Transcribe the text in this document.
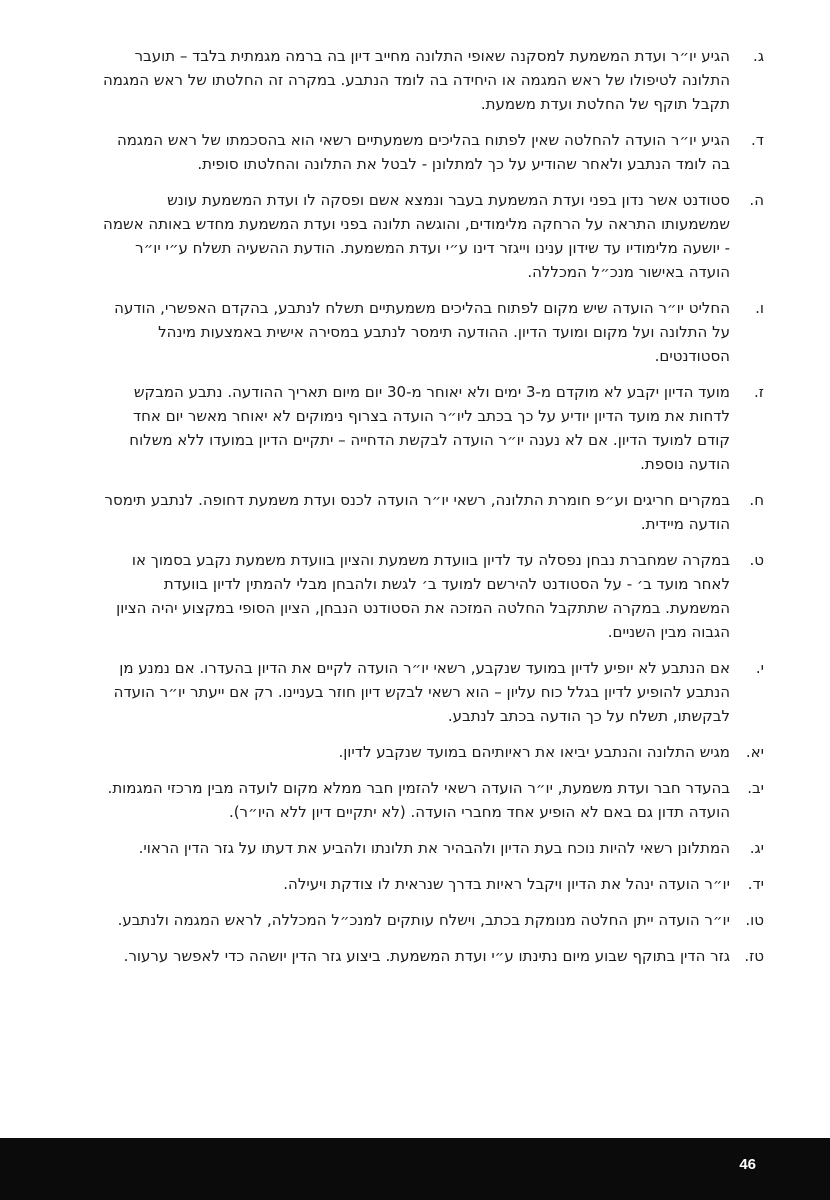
ג.
הגיע יו״ר ועדת המשמעת למסקנה שאופי התלונה מחייב דיון בה ברמה מגמתית בלבד – תועבר התלונה לטיפולו של ראש המגמה או היחידה בה לומד הנתבע. במקרה זה החלטתו של ראש המגמה תקבל תוקף של החלטת ועדת משמעת.
ד.
הגיע יו״ר הועדה להחלטה שאין לפתוח בהליכים משמעתיים רשאי הוא בהסכמתו של ראש המגמה בה לומד הנתבע ולאחר שהודיע על כך למתלונן - לבטל את התלונה והחלטתו סופית.
ה.
סטודנט אשר נדון בפני ועדת המשמעת בעבר ונמצא אשם ופסקה לו ועדת המשמעת עונש שמשמעותו התראה על הרחקה מלימודים, והוגשה תלונה בפני ועדת המשמעת מחדש באותה אשמה - יושעה מלימודיו עד שידון ענינו וייגזר דינו ע״י ועדת המשמעת. הודעת ההשעיה תשלח ע״י יו״ר הועדה באישור מנכ״ל המכללה.
ו.
החליט יו״ר הועדה שיש מקום לפתוח בהליכים משמעתיים תשלח לנתבע, בהקדם האפשרי, הודעה על התלונה ועל מקום ומועד הדיון. ההודעה תימסר לנתבע במסירה אישית באמצעות מינהל הסטודנטים.
ז.
מועד הדיון יקבע לא מוקדם מ-3 ימים ולא יאוחר מ-30 יום מיום תאריך ההודעה. נתבע המבקש לדחות את מועד הדיון יודיע על כך בכתב ליו״ר הועדה בצרוף נימוקים לא יאוחר מאשר יום אחד קודם למועד הדיון. אם לא נענה יו״ר הועדה לבקשת הדחייה – יתקיים הדיון במועדו ללא משלוח הודעה נוספת.
ח.
במקרים חריגים וע״פ חומרת התלונה, רשאי יו״ר הועדה לכנס ועדת משמעת דחופה. לנתבע תימסר הודעה מיידית.
ט.
במקרה שמחברת נבחן נפסלה עד לדיון בוועדת משמעת והציון בוועדת משמעת נקבע בסמוך או לאחר מועד ב׳ - על הסטודנט להירשם למועד ב׳ לגשת ולהבחן מבלי להמתין לדיון בוועדת המשמעת. במקרה שתתקבל החלטה המזכה את הסטודנט הנבחן, הציון הסופי במקצוע יהיה הציון הגבוה מבין השניים.
י.
אם הנתבע לא יופיע לדיון במועד שנקבע, רשאי יו״ר הועדה לקיים את הדיון בהעדרו. אם נמנע מן הנתבע להופיע לדיון בגלל כוח עליון – הוא רשאי לבקש דיון חוזר בעניינו. רק אם ייעתר יו״ר הועדה לבקשתו, תשלח על כך הודעה בכתב לנתבע.
יא.
מגיש התלונה והנתבע יביאו את ראיותיהם במועד שנקבע לדיון.
יב.
בהעדר חבר ועדת משמעת, יו״ר הועדה רשאי להזמין חבר ממלא מקום לועדה מבין מרכזי המגמות. הועדה תדון גם באם לא הופיע אחד מחברי הועדה. (לא יתקיים דיון ללא היו״ר).
יג.
המתלונן רשאי להיות נוכח בעת הדיון ולהבהיר את תלונתו ולהביע את דעתו על גזר הדין הראוי.
יד.
יו״ר הועדה ינהל את הדיון ויקבל ראיות בדרך שנראית לו צודקת ויעילה.
טו.
יו״ר הועדה ייתן החלטה מנומקת בכתב, וישלח עותקים למנכ״ל המכללה, לראש המגמה ולנתבע.
טז.
גזר הדין בתוקף שבוע מיום נתינתו ע״י ועדת המשמעת. ביצוע גזר הדין יושהה כדי לאפשר ערעור.
46
